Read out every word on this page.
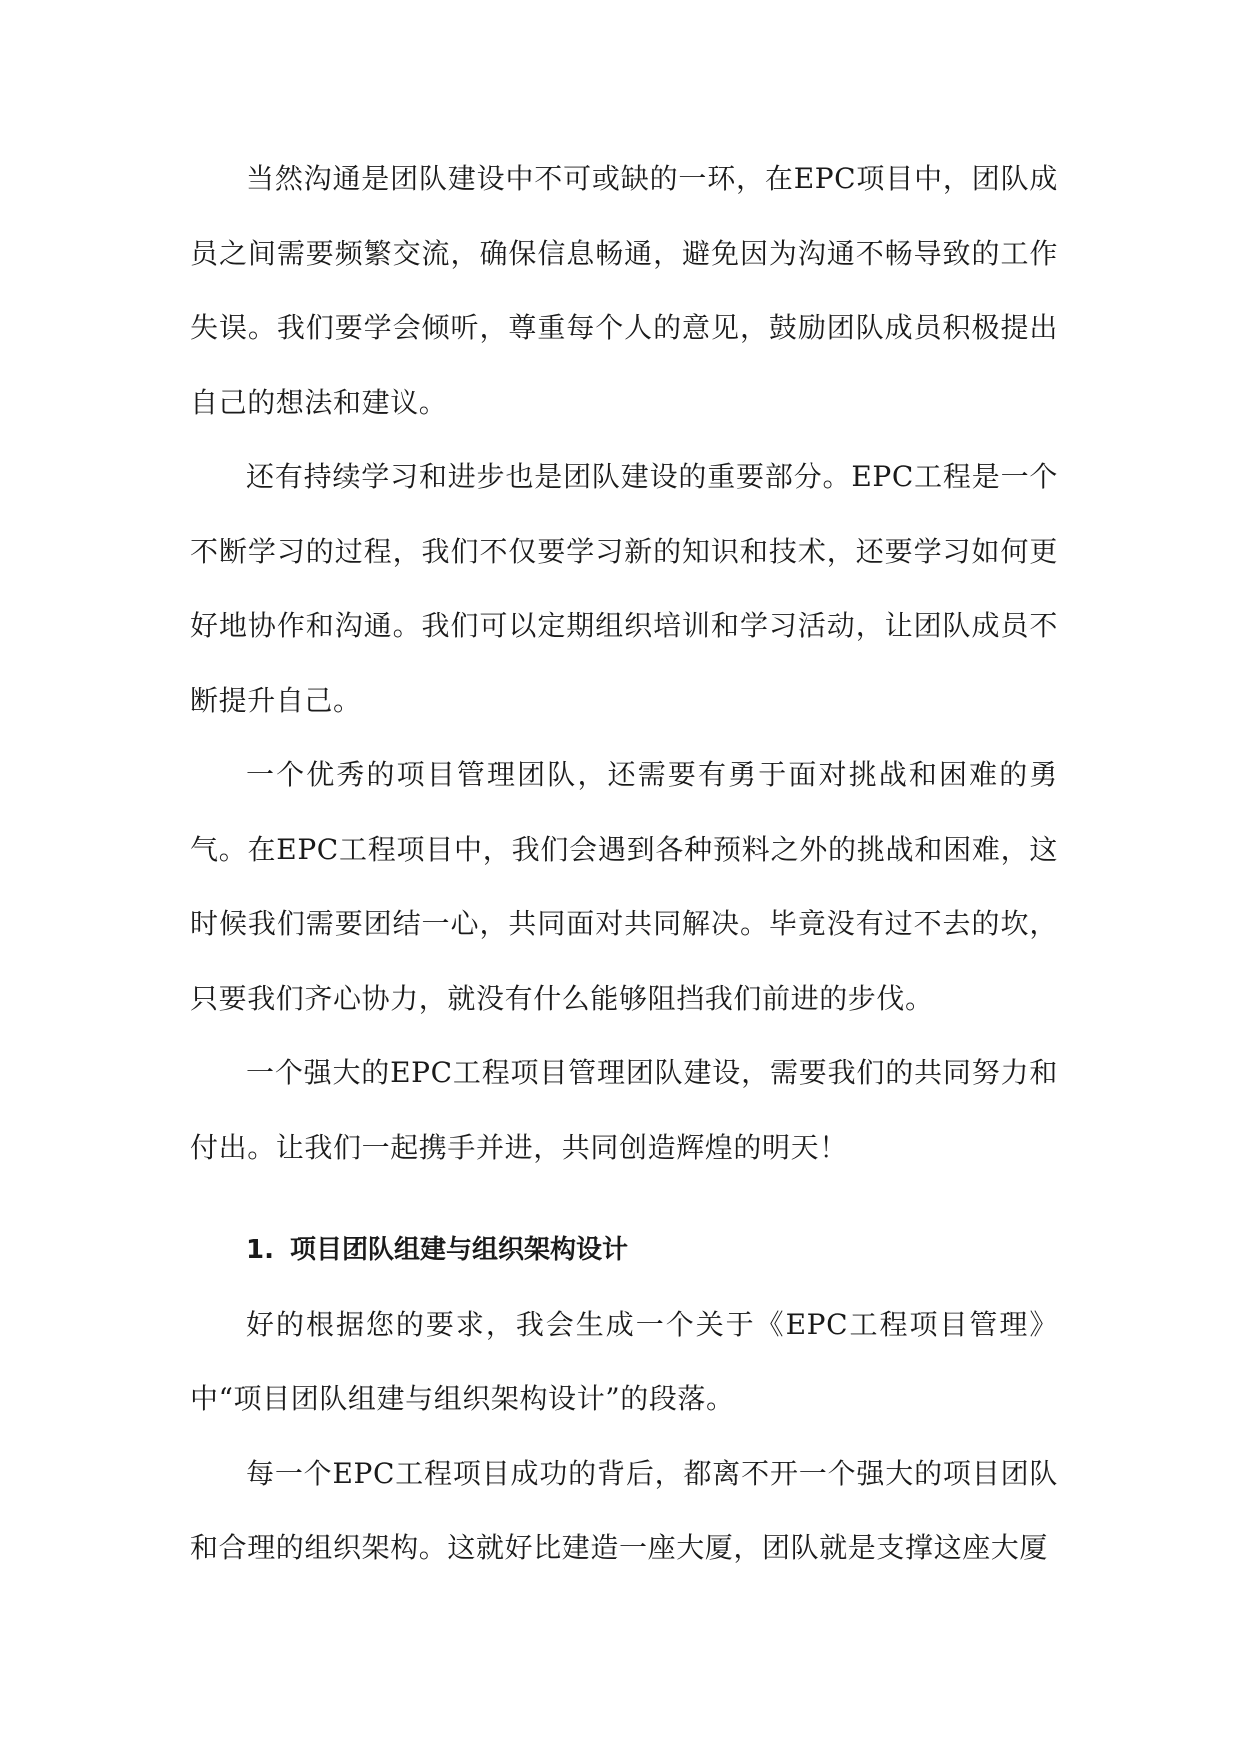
当然沟通是团队建设中不可或缺的一环，在EPC项目中，团队成员之间需要频繁交流，确保信息畅通，避免因为沟通不畅导致的工作失误。我们要学会倾听，尊重每个人的意见，鼓励团队成员积极提出自己的想法和建议。

还有持续学习和进步也是团队建设的重要部分。EPC工程是一个不断学习的过程，我们不仅要学习新的知识和技术，还要学习如何更好地协作和沟通。我们可以定期组织培训和学习活动，让团队成员不断提升自己。

一个优秀的项目管理团队，还需要有勇于面对挑战和困难的勇气。在EPC工程项目中，我们会遇到各种预料之外的挑战和困难，这时候我们需要团结一心，共同面对共同解决。毕竟没有过不去的坎，只要我们齐心协力，就没有什么能够阻挡我们前进的步伐。

一个强大的EPC工程项目管理团队建设，需要我们的共同努力和付出。让我们一起携手并进，共同创造辉煌的明天！

1. 项目团队组建与组织架构设计

好的根据您的要求，我会生成一个关于《EPC工程项目管理》中“项目团队组建与组织架构设计”的段落。

每一个EPC工程项目成功的背后，都离不开一个强大的项目团队和合理的组织架构。这就好比建造一座大厦，团队就是支撑这座大厦
